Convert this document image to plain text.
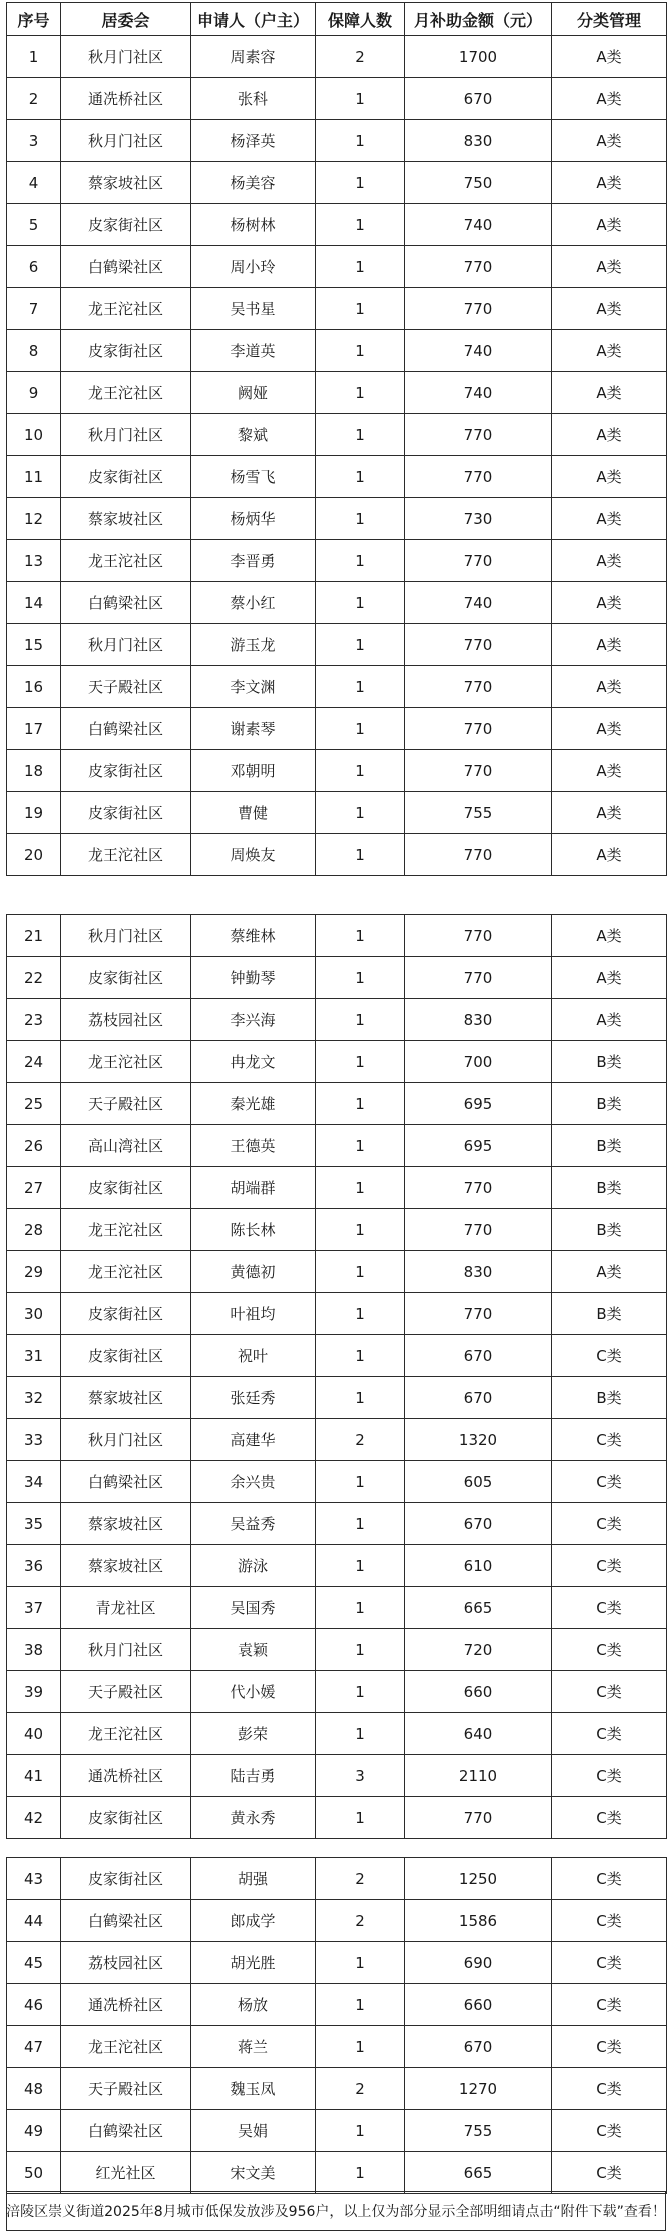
序号	居委会	申请人（户主）	保障人数	月补助金额（元）	分类管理
1	秋月门社区	周素容	2	1700	A类
2	通冼桥社区	张科	1	670	A类
3	秋月门社区	杨泽英	1	830	A类
4	蔡家坡社区	杨美容	1	750	A类
5	皮家街社区	杨树林	1	740	A类
6	白鹤梁社区	周小玲	1	770	A类
7	龙王沱社区	吴书星	1	770	A类
8	皮家街社区	李道英	1	740	A类
9	龙王沱社区	阙娅	1	740	A类
10	秋月门社区	黎斌	1	770	A类
11	皮家街社区	杨雪飞	1	770	A类
12	蔡家坡社区	杨炳华	1	730	A类
13	龙王沱社区	李晋勇	1	770	A类
14	白鹤梁社区	蔡小红	1	740	A类
15	秋月门社区	游玉龙	1	770	A类
16	天子殿社区	李文渊	1	770	A类
17	白鹤梁社区	谢素琴	1	770	A类
18	皮家街社区	邓朝明	1	770	A类
19	皮家街社区	曹健	1	755	A类
20	龙王沱社区	周焕友	1	770	A类
21	秋月门社区	蔡维林	1	770	A类
22	皮家街社区	钟勤琴	1	770	A类
23	荔枝园社区	李兴海	1	830	A类
24	龙王沱社区	冉龙文	1	700	B类
25	天子殿社区	秦光雄	1	695	B类
26	高山湾社区	王德英	1	695	B类
27	皮家街社区	胡端群	1	770	B类
28	龙王沱社区	陈长林	1	770	B类
29	龙王沱社区	黄德初	1	830	A类
30	皮家街社区	叶祖均	1	770	B类
31	皮家街社区	祝叶	1	670	C类
32	蔡家坡社区	张廷秀	1	670	B类
33	秋月门社区	高建华	2	1320	C类
34	白鹤梁社区	余兴贵	1	605	C类
35	蔡家坡社区	吴益秀	1	670	C类
36	蔡家坡社区	游泳	1	610	C类
37	青龙社区	吴国秀	1	665	C类
38	秋月门社区	袁颖	1	720	C类
39	天子殿社区	代小媛	1	660	C类
40	龙王沱社区	彭荣	1	640	C类
41	通冼桥社区	陆吉勇	3	2110	C类
42	皮家街社区	黄永秀	1	770	C类
43	皮家街社区	胡强	2	1250	C类
44	白鹤梁社区	郎成学	2	1586	C类
45	荔枝园社区	胡光胜	1	690	C类
46	通冼桥社区	杨放	1	660	C类
47	龙王沱社区	蒋兰	1	670	C类
48	天子殿社区	魏玉凤	2	1270	C类
49	白鹤梁社区	吴娟	1	755	C类
50	红光社区	宋文美	1	665	C类
涪陵区崇义街道2025年8月城市低保发放涉及956户，以上仅为部分显示全部明细请点击“附件下载”查看！
